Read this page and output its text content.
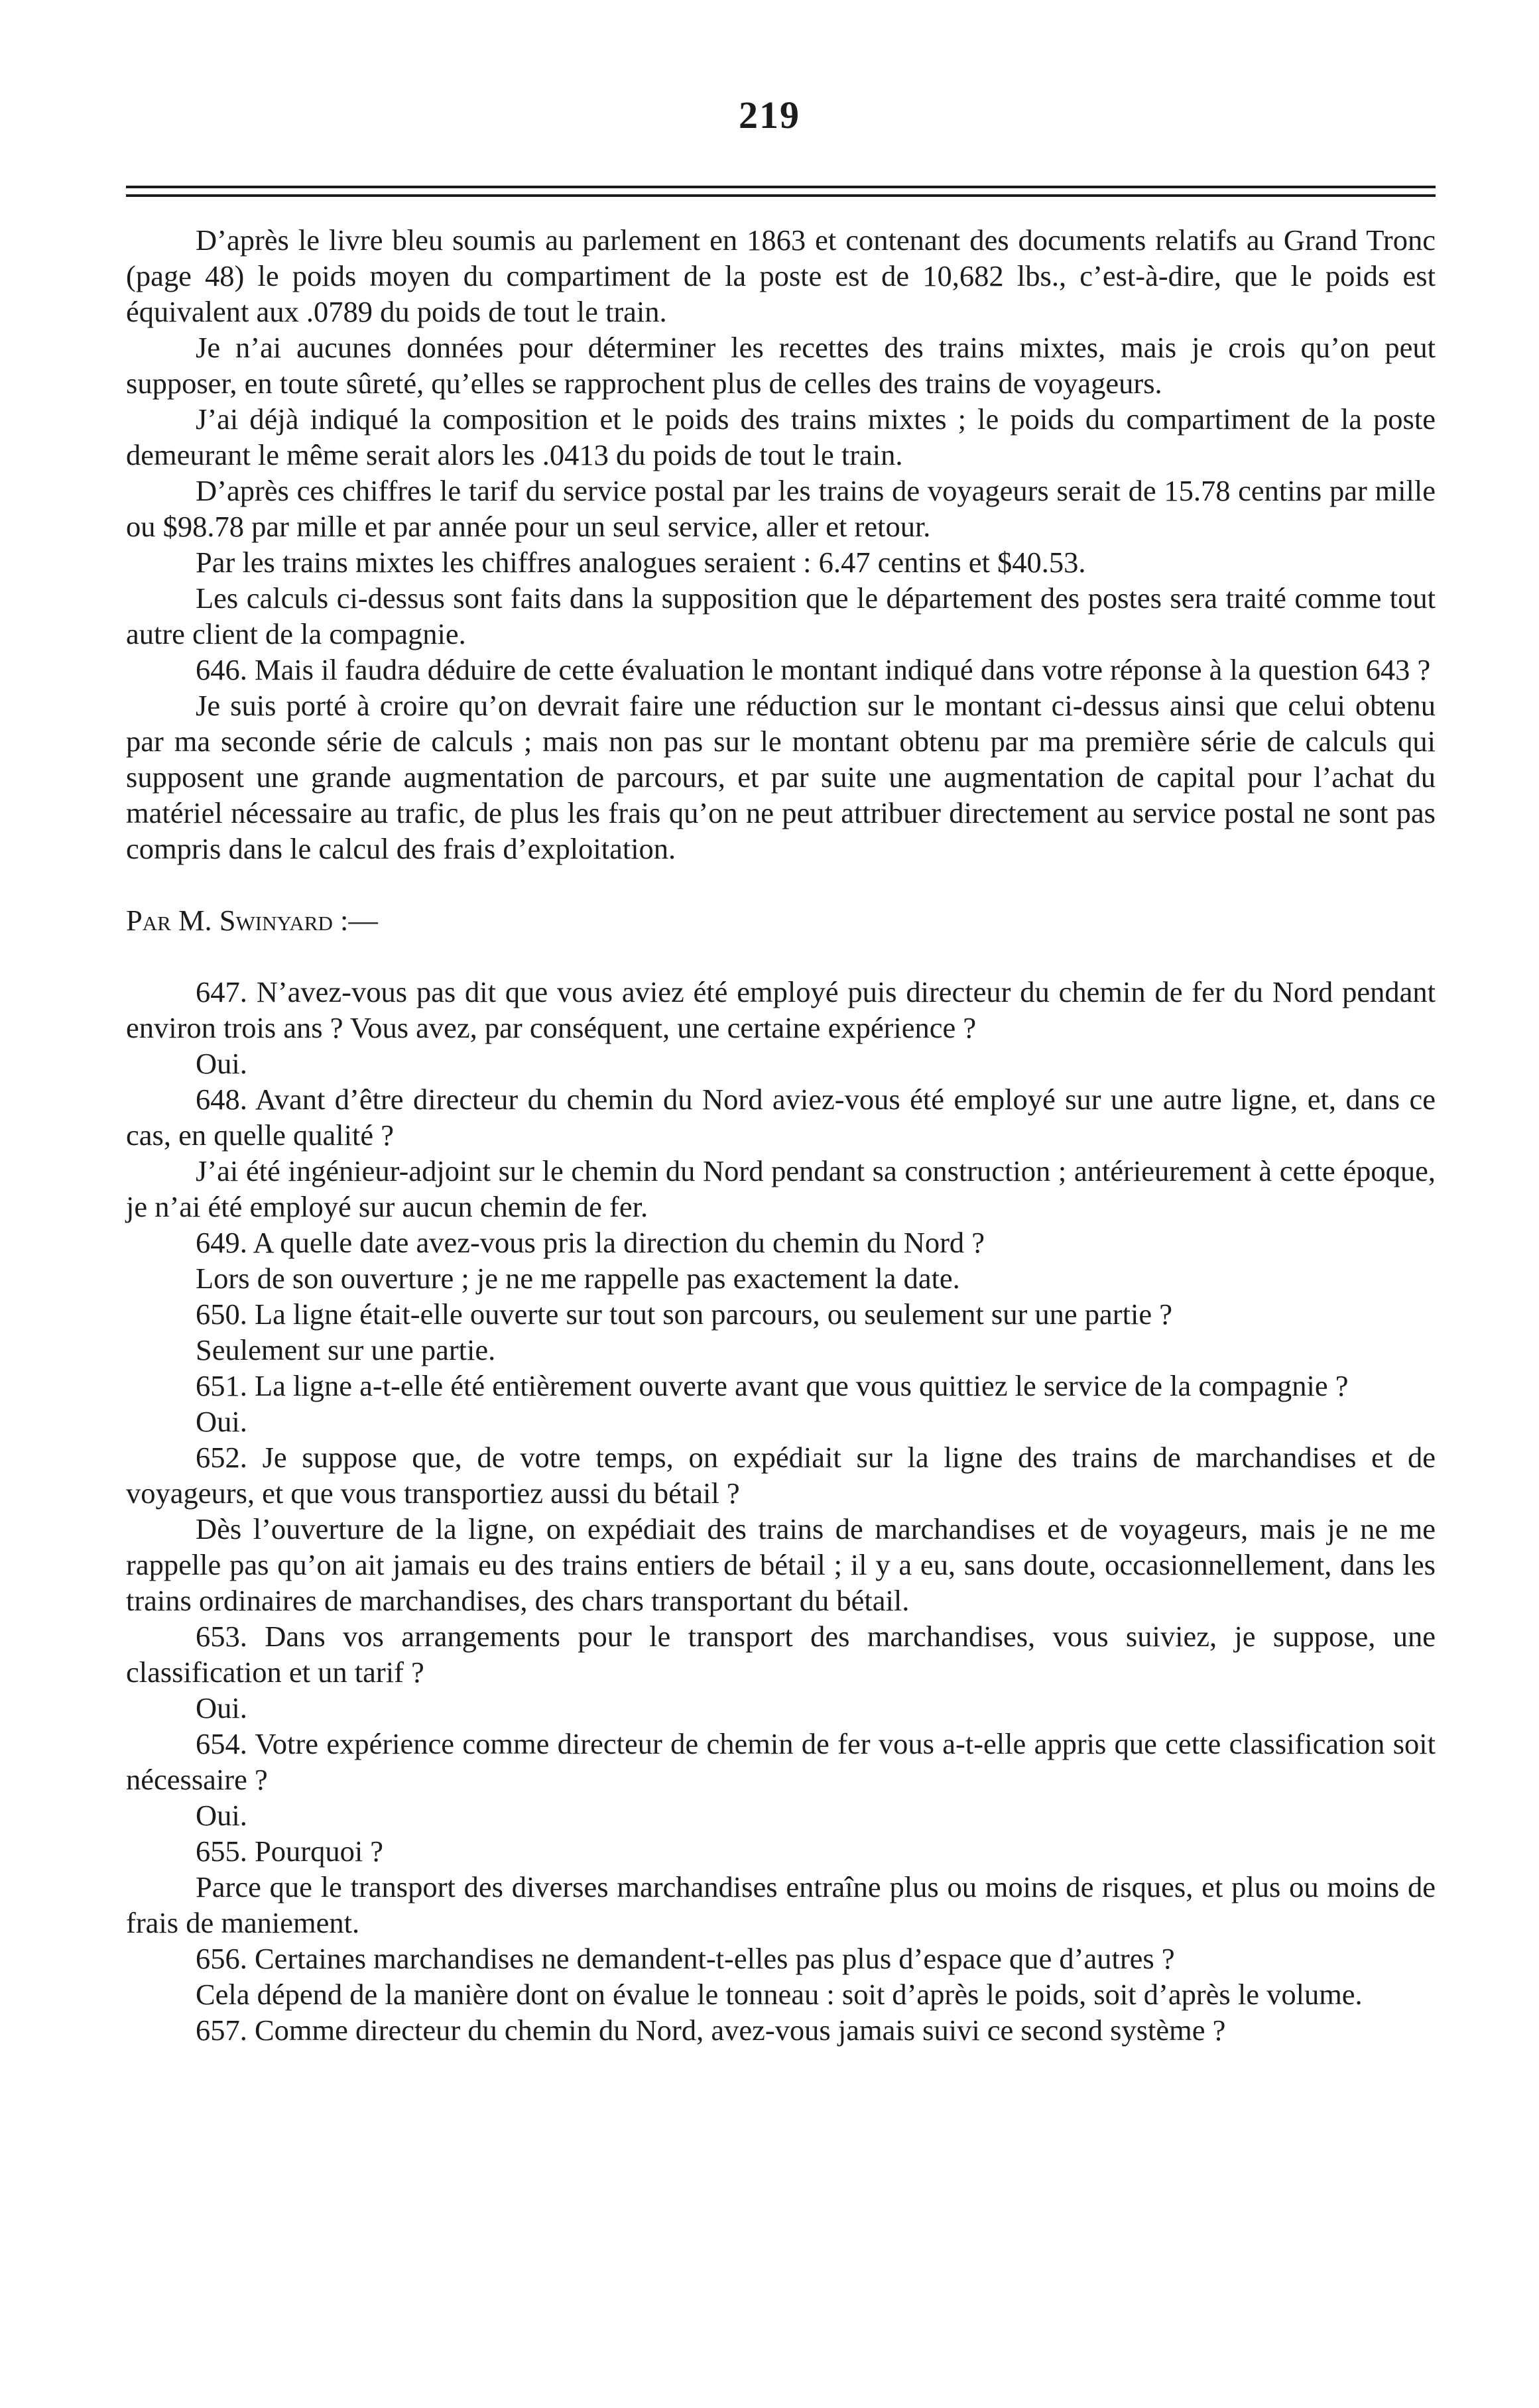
219

D’après le livre bleu soumis au parlement en 1863 et contenant des documents relatifs au Grand Tronc (page 48) le poids moyen du compartiment de la poste est de 10,682 lbs., c’est-à-dire, que le poids est équivalent aux .0789 du poids de tout le train.

Je n’ai aucunes données pour déterminer les recettes des trains mixtes, mais je crois qu’on peut supposer, en toute sûreté, qu’elles se rapprochent plus de celles des trains de voyageurs.

J’ai déjà indiqué la composition et le poids des trains mixtes ; le poids du compartiment de la poste demeurant le même serait alors les .0413 du poids de tout le train.

D’après ces chiffres le tarif du service postal par les trains de voyageurs serait de 15.78 centins par mille ou $98.78 par mille et par année pour un seul service, aller et retour.

Par les trains mixtes les chiffres analogues seraient : 6.47 centins et $40.53.

Les calculs ci-dessus sont faits dans la supposition que le département des postes sera traité comme tout autre client de la compagnie.

646. Mais il faudra déduire de cette évaluation le montant indiqué dans votre réponse à la question 643 ?

Je suis porté à croire qu’on devrait faire une réduction sur le montant ci-dessus ainsi que celui obtenu par ma seconde série de calculs ; mais non pas sur le montant obtenu par ma première série de calculs qui supposent une grande augmentation de parcours, et par suite une augmentation de capital pour l’achat du matériel nécessaire au trafic, de plus les frais qu’on ne peut attribuer directement au service postal ne sont pas compris dans le calcul des frais d’exploitation.

Par M. Swinyard :—

647. N’avez-vous pas dit que vous aviez été employé puis directeur du chemin de fer du Nord pendant environ trois ans ? Vous avez, par conséquent, une certaine expérience ?

Oui.

648. Avant d’être directeur du chemin du Nord aviez-vous été employé sur une autre ligne, et, dans ce cas, en quelle qualité ?

J’ai été ingénieur-adjoint sur le chemin du Nord pendant sa construction ; antérieurement à cette époque, je n’ai été employé sur aucun chemin de fer.

649. A quelle date avez-vous pris la direction du chemin du Nord ?

Lors de son ouverture ; je ne me rappelle pas exactement la date.

650. La ligne était-elle ouverte sur tout son parcours, ou seulement sur une partie ?

Seulement sur une partie.

651. La ligne a-t-elle été entièrement ouverte avant que vous quittiez le service de la compagnie ?

Oui.

652. Je suppose que, de votre temps, on expédiait sur la ligne des trains de marchandises et de voyageurs, et que vous transportiez aussi du bétail ?

Dès l’ouverture de la ligne, on expédiait des trains de marchandises et de voyageurs, mais je ne me rappelle pas qu’on ait jamais eu des trains entiers de bétail ; il y a eu, sans doute, occasionnellement, dans les trains ordinaires de marchandises, des chars transportant du bétail.

653. Dans vos arrangements pour le transport des marchandises, vous suiviez, je suppose, une classification et un tarif ?

Oui.

654. Votre expérience comme directeur de chemin de fer vous a-t-elle appris que cette classification soit nécessaire ?

Oui.

655. Pourquoi ?

Parce que le transport des diverses marchandises entraîne plus ou moins de risques, et plus ou moins de frais de maniement.

656. Certaines marchandises ne demandent-t-elles pas plus d’espace que d’autres ?

Cela dépend de la manière dont on évalue le tonneau : soit d’après le poids, soit d’après le volume.

657. Comme directeur du chemin du Nord, avez-vous jamais suivi ce second système ?
